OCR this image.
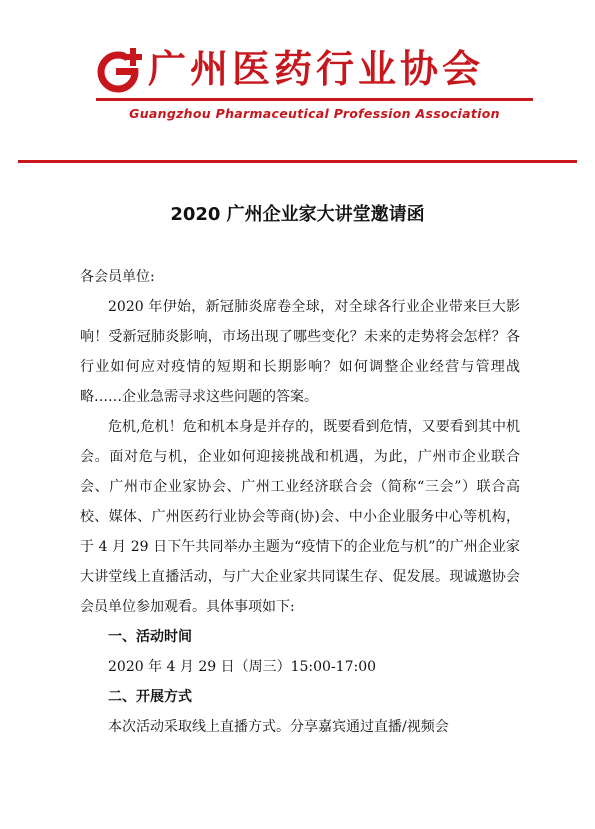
广州医药行业协会
Guangzhou Pharmaceutical Profession Association
2020 广州企业家大讲堂邀请函

各会员单位:

2020 年伊始，新冠肺炎席卷全球，对全球各行业企业带来巨大影响！受新冠肺炎影响，市场出现了哪些变化？未来的走势将会怎样？各行业如何应对疫情的短期和长期影响？如何调整企业经营与管理战略……企业急需寻求这些问题的答案。

危机,危机！危和机本身是并存的，既要看到危情，又要看到其中机会。面对危与机，企业如何迎接挑战和机遇，为此，广州市企业联合会、广州市企业家协会、广州工业经济联合会（简称“三会”）联合高校、媒体、广州医药行业协会等商(协)会、中小企业服务中心等机构，于 4 月 29 日下午共同举办主题为“疫情下的企业危与机”的广州企业家大讲堂线上直播活动，与广大企业家共同谋生存、促发展。现诚邀协会会员单位参加观看。具体事项如下:

一、活动时间

2020 年 4 月 29 日（周三）15:00-17:00

二、开展方式

本次活动采取线上直播方式。分享嘉宾通过直播/视频会
